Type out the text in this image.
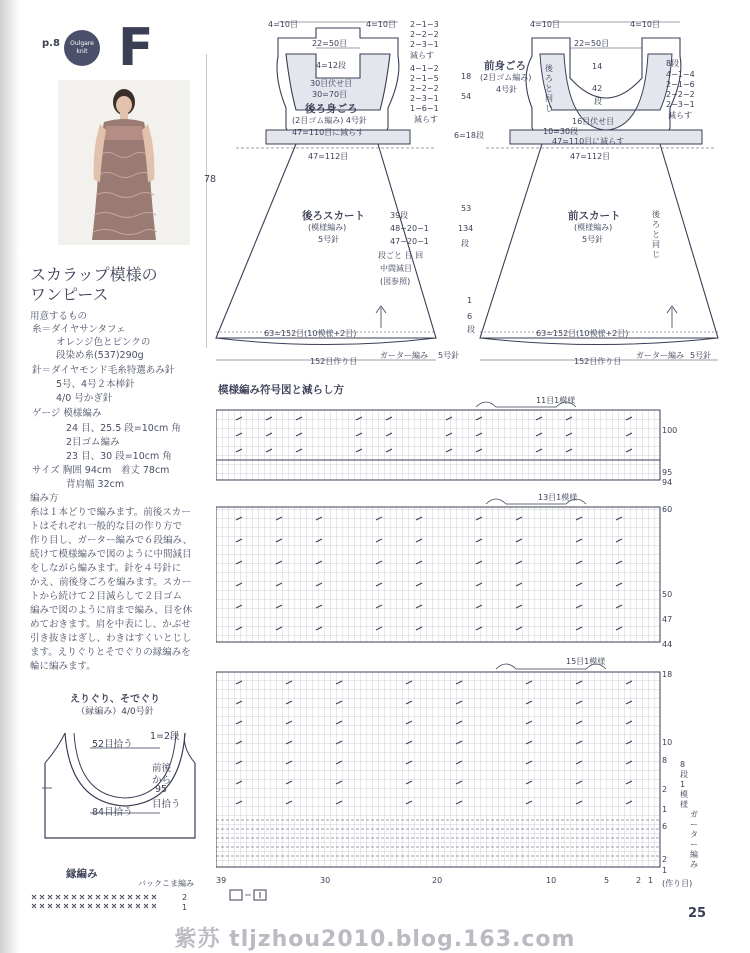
p.8	Oulgare knit F
スカラップ模様の
ワンピース
用意するもの
糸＝ダイヤサンタフェ
オレンジ色とピンクの
段染め糸(537)290g
針＝ダイヤモンド毛糸特選あみ針
5号、4号２本棒針
4/0 号かぎ針
ゲージ 模様編み
24 目、25.5 段=10cm 角
2目ゴム編み
23 目、30 段=10cm 角
サイズ 胸囲 94cm　着丈 78cm
背肩幅 32cm
編み方
糸は１本どりで編みます。前後スカー
トはそれぞれ一般的な目の作り方で
作り目し、ガーター編みで６段編み、
続けて模様編みで図のように中間減目
をしながら編みます。針を４号針に
かえ、前後身ごろを編みます。スカー
トから続けて２目減らして２目ゴム
編みで図のように肩まで編み、目を休
めておきます。肩を中表にし、かぶせ
引き抜きはぎし、わきはすくいとじし
ます。えりぐりとそでぐりの縁編みを
輪に編みます。
えりぐり、そでぐり
（縁編み）4/0号針
52目拾う
1=2段
84目拾う
前後
から
95
目拾う
縁編み
バックこま編み
2
1
4=10目	4=10目
22=50目
4=12段
30目伏せ目
30=70目
後ろ身ごろ
(2目ゴム編み) 4号針
47=110目に減らす
47=112目
後ろスカート
(模様編み)
5号針
39段
48−20−1
47−20−1
段ごと 目 回
中間減目
(図参照)
63=152目(10模様+2目)
152目作り目
ガーター編み 5号針
78
2−1−3
2−2−2
2−3−1
減らす
4−1−2
2−1−5
2−2−2
2−3−1
1−6−1
減らす
18
54
6=18段
53
134
段
1
6
段
4=10目	4=10目
22=50目
前身ごろ
(2目ゴム編み)
4号針
後ろと同じ
14
42
段
16目伏せ目
10=30段
47=110目に減らす
47=112目
8段
4−1−4
2−1−6
2−2−2
2−3−1
減らす
前スカート
(模様編み)
5号針
後ろと同じ
63=152目(10模様+2目)
152目作り目
ガーター編み 5号針
模様編み符号図と減らし方
11目1模様
100
95
94
13目1模様
60
50
47
44
15目1模様
18
10
8
2
1
6
2
1
8段1模様
ガーター編み
(作り目)
39	30	20	10	5	2 1
＝
25
紫苏 tljzhou2010.blog.163.com
